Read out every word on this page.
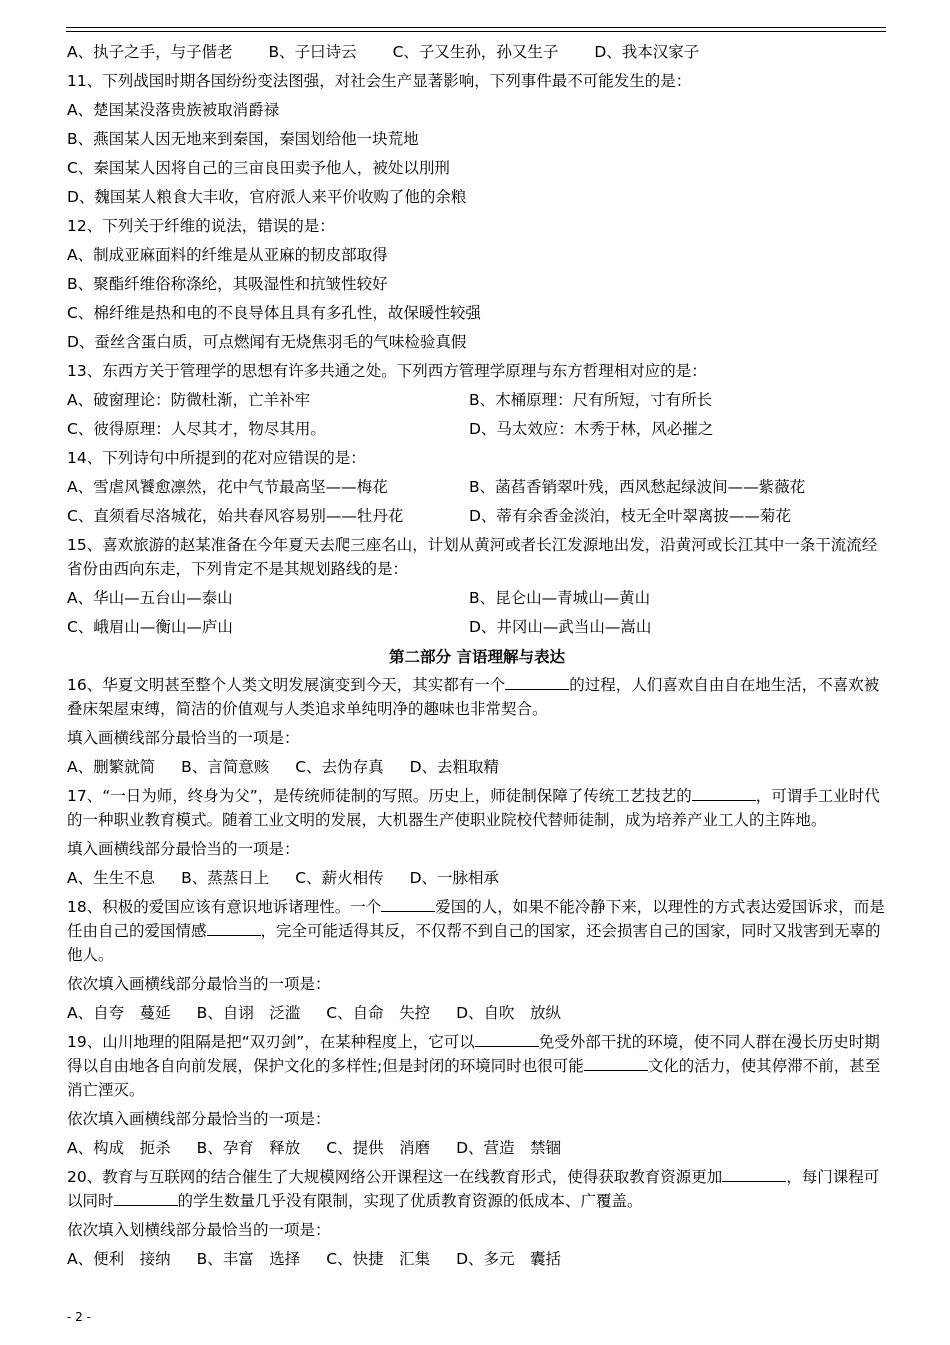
A、执子之手，与子偕老 　　B、子曰诗云 　　C、子又生孙，孙又生子 　　D、我本汉家子
11、下列战国时期各国纷纷变法图强，对社会生产显著影响，下列事件最不可能发生的是：
A、楚国某没落贵族被取消爵禄
B、燕国某人因无地来到秦国，秦国划给他一块荒地
C、秦国某人因将自己的三亩良田卖予他人，被处以刖刑
D、魏国某人粮食大丰收，官府派人来平价收购了他的余粮
12、下列关于纤维的说法，错误的是：
A、制成亚麻面料的纤维是从亚麻的韧皮部取得
B、聚酯纤维俗称涤纶，其吸湿性和抗皱性较好
C、棉纤维是热和电的不良导体且具有多孔性，故保暖性较强
D、蚕丝含蛋白质，可点燃闻有无烧焦羽毛的气味检验真假
13、东西方关于管理学的思想有许多共通之处。下列西方管理学原理与东方哲理相对应的是：
A、破窗理论：防微杜渐，亡羊补牢	B、木桶原理：尺有所短，寸有所长
C、彼得原理：人尽其才，物尽其用。	D、马太效应：木秀于林，风必摧之
14、下列诗句中所提到的花对应错误的是：
A、雪虐风饕愈凛然，花中气节最高坚——梅花	B、菡萏香销翠叶残，西风愁起绿波间——紫薇花
C、直须看尽洛城花，始共春风容易别——牡丹花	D、蒂有余香金淡泊，枝无全叶翠离披——菊花
15、喜欢旅游的赵某准备在今年夏天去爬三座名山，计划从黄河或者长江发源地出发，沿黄河或长江其中一条干流流经省份由西向东走，下列肯定不是其规划路线的是：
A、华山—五台山—泰山	B、昆仑山—青城山—黄山
C、峨眉山—衡山—庐山	D、井冈山—武当山—嵩山
第二部分 言语理解与表达
16、华夏文明甚至整个人类文明发展演变到今天，其实都有一个	的过程，人们喜欢自由自在地生活，不喜欢被叠床架屋束缚，简洁的价值观与人类追求单纯明净的趣味也非常契合。
填入画横线部分最恰当的一项是：
A、删繁就简 B、言简意赅 C、去伪存真 D、去粗取精
17、“一日为师，终身为父”，是传统师徒制的写照。历史上，师徒制保障了传统工艺技艺的	，可谓手工业时代的一种职业教育模式。随着工业文明的发展，大机器生产使职业院校代替师徒制，成为培养产业工人的主阵地。
填入画横线部分最恰当的一项是：
A、生生不息 B、蒸蒸日上 C、薪火相传 D、一脉相承
18、积极的爱国应该有意识地诉诸理性。一个	爱国的人，如果不能冷静下来，以理性的方式表达爱国诉求，而是任由自己的爱国情感	，完全可能适得其反，不仅帮不到自己的国家，还会损害自己的国家，同时又戕害到无辜的他人。
依次填入画横线部分最恰当的一项是：
A、自夸　蔓延 B、自诩　泛滥 C、自命　失控 D、自吹　放纵
19、山川地理的阻隔是把“双刃剑”，在某种程度上，它可以	免受外部干扰的环境，使不同人群在漫长历史时期得以自由地各自向前发展，保护文化的多样性;但是封闭的环境同时也很可能	文化的活力，使其停滞不前，甚至消亡湮灭。
依次填入画横线部分最恰当的一项是：
A、构成　扼杀 B、孕育　释放 C、提供　消磨 D、营造　禁锢
20、教育与互联网的结合催生了大规模网络公开课程这一在线教育形式，使得获取教育资源更加	，每门课程可以同时	的学生数量几乎没有限制，实现了优质教育资源的低成本、广覆盖。
依次填入划横线部分最恰当的一项是：
A、便利　接纳 B、丰富　选择 C、快捷　汇集 D、多元　囊括
- 2 -
